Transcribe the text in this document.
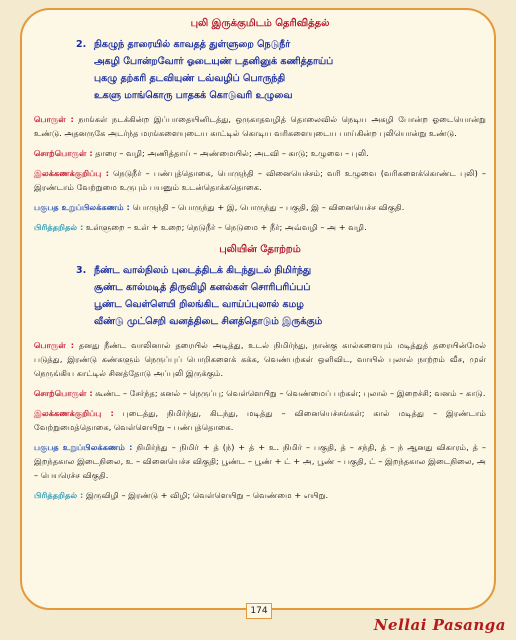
புலி இருக்குமிடம் தெரிவித்தல்
2. நிகழுந் தாரையில் காவதத் துள்ளுறை நெடுநீர்
அகழி போன்றவோர் ஓடையுண் டதனினுக் கணித்தாய்ப்
புகழு தற்கரி தடவியுண் டவ்வழிப் பொருந்தி
உகளு மாங்கொரு பாதகக் கொடுவரி உழுவை
பொருள் : நாங்கள் நடக்கின்ற இப்பாதையினிடத்து, ஒருகாதவழித் தொலைவில் நெடிய அகழி போன்ற ஓடையொன்று உண்டு. அதனருகே அடர்ந்த மரங்களையுடைய காட்டில் கொடிய வரிகளையுடைய பாய்கின்ற புலியொன்று உண்டு.
சொற்பொருள் : தாரை – வழி; அணித்தாய் – அண்மையில்; அடவி – காடு; உழுவை – புலி.
இலக்கணக்குறிப்பு : நெடுநீர் – பண்புத்தொகை, பொருந்தி – வினையெச்சம்; வரி உழுவை (வரிகளைக்கொண்ட புலி) – இரண்டாம் வேற்றுமை உருபும் பயனும் உடன்தொக்கதொகை.
பகுபத உறுப்பிலக்கணம் : பொருந்தி – பொருந்து + இ, பொருந்து – பகுதி, இ – வினையெச்ச விகுதி.
பிரித்தறிதல் : உள்ளுறை – உள் + உறை; நெடுநீர் – நெடுமை + நீர்; அவ்வழி – அ + வழி.
புலியின் தோற்றம்
3. நீண்ட வால்நிலம் புடைத்திடக் கிடந்துடல் நிமிர்ந்து
சூண்ட கால்மடித் திருவிழி கனல்கள் சொரிபரிப்பப்
பூண்ட வெள்ளெயி றிலங்கிட வாய்ப்புலால் கமழ
வீண்டு முட்செறி வனத்திடை சினத்தொடும் இருக்கும்
பொருள் : தனது நீண்ட வாலினால் தரையில் அடித்து, உடல் நிமிர்ந்து, நான்கு கால்களையும் மடித்துத் தரையின்மேல் படுத்து, இரண்டு கண்களும் நெருப்புப் பொறிகளைக் கக்க, வெண்பற்கள் ஒளிவிட, வாயில் புலால் நாற்றம் வீச, முள் நெருங்கிய காட்டில் சினத்தோடு அப்புலி இருக்கும்.
சொற்பொருள் : கூண்ட – சேர்ந்த; கனல் – நெருப்பு; வெள்ளெயிறு – வெண்மைப் பற்கள்; புலால் – இறைச்சி; வனம் – காடு.
இலக்கணக்குறிப்பு : புடைத்து, நிமிர்ந்து, கிடந்து, மடித்து – வினையெச்சங்கள்; கால் மடித்து – இரண்டாம் வேற்றுமைத்தொகை, வெள்ளெயிறு – பண்புத்தொகை.
பகுபத உறுப்பிலக்கணம் : நிமிர்ந்து – நிமிர் + த் (ந்) + த் + உ. நிமிர் – பகுதி, த் – சந்தி, த் – ந் ஆனது விகாரம், த் – இறந்தகால இடைநிலை, உ – வினையெச்ச விகுதி; பூண்ட – பூண் + ட் + அ, பூண் – பகுதி, ட் – இறந்தகால இடைநிலை, அ – பெயரெச்ச விகுதி.
பிரித்தறிதல் : இருவிழி – இரண்டு + விழி; வெள்ளெயிறு – வெண்மை + எயிறு.
174
Nellai Pasanga
